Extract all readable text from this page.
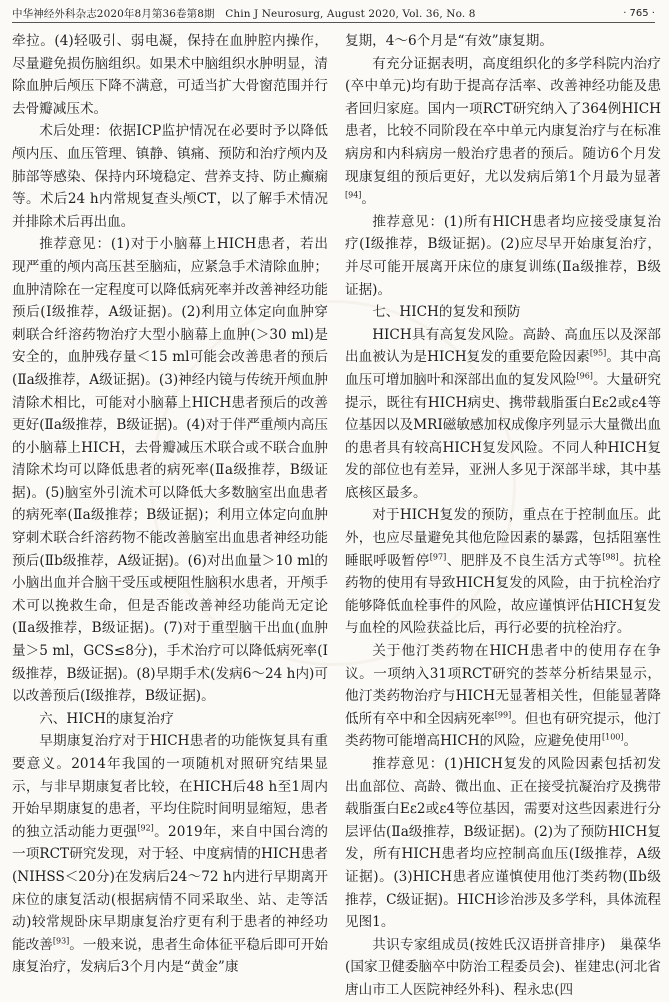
中华神经外科杂志2020年8月第36卷第8期　Chin J Neurosurg, August 2020, Vol. 36, No. 8	· 765 ·

牵拉。(4)轻吸引、弱电凝，保持在血肿腔内操作，尽量避免损伤脑组织。如果术中脑组织水肿明显，清除血肿后颅压下降不满意，可适当扩大骨窗范围并行去骨瓣减压术。

术后处理：依据ICP监护情况在必要时予以降低颅内压、血压管理、镇静、镇痛、预防和治疗颅内及肺部等感染、保持内环境稳定、营养支持、防止癫痫等。术后24 h内常规复查头颅CT，以了解手术情况并排除术后再出血。

推荐意见：(1)对于小脑幕上HICH患者，若出现严重的颅内高压甚至脑疝，应紧急手术清除血肿；血肿清除在一定程度可以降低病死率并改善神经功能预后(Ⅰ级推荐，A级证据)。(2)利用立体定向血肿穿刺联合纤溶药物治疗大型小脑幕上血肿(＞30 ml)是安全的，血肿残存量＜15 ml可能会改善患者的预后(Ⅱa级推荐，A级证据)。(3)神经内镜与传统开颅血肿清除术相比，可能对小脑幕上HICH患者预后的改善更好(Ⅱa级推荐，B级证据)。(4)对于伴严重颅内高压的小脑幕上HICH，去骨瓣减压术联合或不联合血肿清除术均可以降低患者的病死率(Ⅱa级推荐，B级证据)。(5)脑室外引流术可以降低大多数脑室出血患者的病死率(Ⅱa级推荐；B级证据)；利用立体定向血肿穿刺术联合纤溶药物不能改善脑室出血患者神经功能预后(Ⅱb级推荐，A级证据)。(6)对出血量＞10 ml的小脑出血并合脑干受压或梗阻性脑积水患者，开颅手术可以挽救生命，但是否能改善神经功能尚无定论(Ⅱa级推荐，B级证据)。(7)对于重型脑干出血(血肿量＞5 ml，GCS≤8分)，手术治疗可以降低病死率(Ⅰ级推荐，B级证据)。(8)早期手术(发病6～24 h内)可以改善预后(Ⅰ级推荐，B级证据)。

六、HICH的康复治疗

早期康复治疗对于HICH患者的功能恢复具有重要意义。2014年我国的一项随机对照研究结果显示，与非早期康复者比较，在HICH后48 h至1周内开始早期康复的患者，平均住院时间明显缩短，患者的独立活动能力更强[92]。2019年，来自中国台湾的一项RCT研究发现，对于轻、中度病情的HICH患者(NIHSS＜20分)在发病后24～72 h内进行早期离开床位的康复活动(根据病情不同采取坐、站、走等活动)较常规卧床早期康复治疗更有利于患者的神经功能改善[93]。一般来说，患者生命体征平稳后即可开始康复治疗，发病后3个月内是“黄金”康

复期，4～6个月是“有效”康复期。

有充分证据表明，高度组织化的多学科院内治疗(卒中单元)均有助于提高存活率、改善神经功能及患者回归家庭。国内一项RCT研究纳入了364例HICH患者，比较不同阶段在卒中单元内康复治疗与在标准病房和内科病房一般治疗患者的预后。随访6个月发现康复组的预后更好，尤以发病后第1个月最为显著[94]。

推荐意见：(1)所有HICH患者均应接受康复治疗(Ⅰ级推荐，B级证据)。(2)应尽早开始康复治疗，并尽可能开展离开床位的康复训练(Ⅱa级推荐，B级证据)。

七、HICH的复发和预防

HICH具有高复发风险。高龄、高血压以及深部出血被认为是HICH复发的重要危险因素[95]。其中高血压可增加脑叶和深部出血的复发风险[96]。大量研究提示，既往有HICH病史、携带载脂蛋白Eε2或ε4等位基因以及MRI磁敏感加权成像序列显示大量微出血的患者具有较高HICH复发风险。不同人种HICH复发的部位也有差异，亚洲人多见于深部半球，其中基底核区最多。

对于HICH复发的预防，重点在于控制血压。此外，也应尽量避免其他危险因素的暴露，包括阻塞性睡眠呼吸暂停[97]、肥胖及不良生活方式等[98]。抗栓药物的使用有导致HICH复发的风险，由于抗栓治疗能够降低血栓事件的风险，故应谨慎评估HICH复发与血栓的风险获益比后，再行必要的抗栓治疗。

关于他汀类药物在HICH患者中的使用存在争议。一项纳入31项RCT研究的荟萃分析结果显示，他汀类药物治疗与HICH无显著相关性，但能显著降低所有卒中和全因病死率[99]。但也有研究提示，他汀类药物可能增高HICH的风险，应避免使用[100]。

推荐意见：(1)HICH复发的风险因素包括初发出血部位、高龄、微出血、正在接受抗凝治疗及携带载脂蛋白Eε2或ε4等位基因，需要对这些因素进行分层评估(Ⅱa级推荐，B级证据)。(2)为了预防HICH复发，所有HICH患者均应控制高血压(Ⅰ级推荐，A级证据)。(3)HICH患者应谨慎使用他汀类药物(Ⅱb级推荐，C级证据)。HICH诊治涉及多学科，具体流程见图1。

共识专家组成员(按姓氏汉语拼音排序)　巢葆华(国家卫健委脑卒中防治工程委员会)、崔建忠(河北省唐山市工人医院神经外科)、程永忠(四
